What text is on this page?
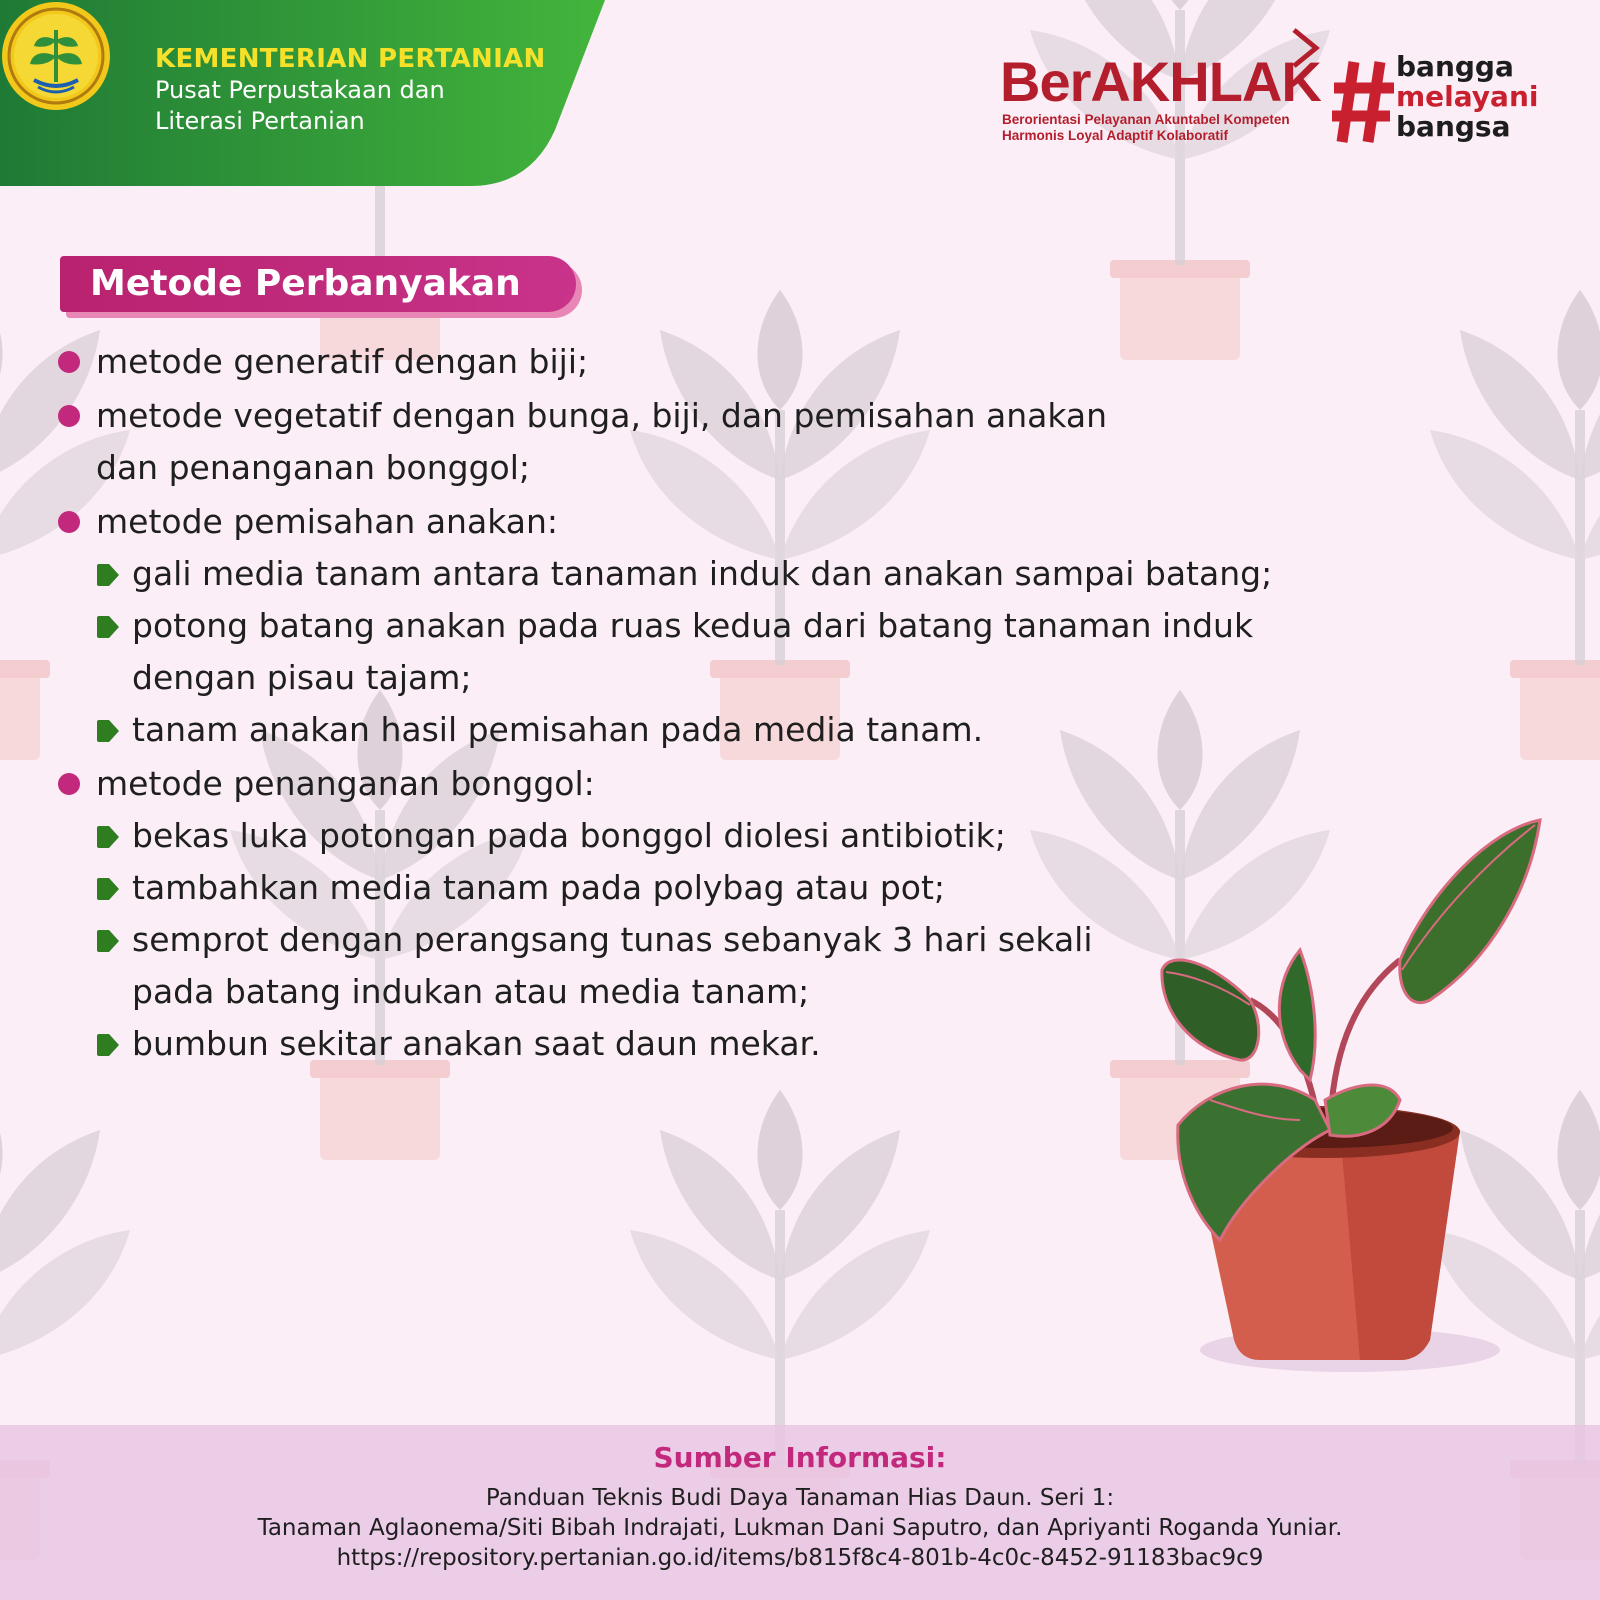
KEMENTERIAN PERTANIAN
Pusat Perpustakaan dan
Literasi Pertanian
BerAKHLAK
Berorientasi Pelayanan Akuntabel Kompeten
Harmonis Loyal Adaptif Kolaboratif
bangga
melayani
bangsa
Metode Perbanyakan
metode generatif dengan biji;
metode vegetatif dengan bunga, biji, dan pemisahan anakan
dan penanganan bonggol;
metode pemisahan anakan:
gali media tanam antara tanaman induk dan anakan sampai batang;
potong batang anakan pada ruas kedua dari batang tanaman induk
dengan pisau tajam;
tanam anakan hasil pemisahan pada media tanam.
metode penanganan bonggol:
bekas luka potongan pada bonggol diolesi antibiotik;
tambahkan media tanam pada polybag atau pot;
semprot dengan perangsang tunas sebanyak 3 hari sekali
pada batang indukan atau media tanam;
bumbun sekitar anakan saat daun mekar.
Sumber Informasi:
Panduan Teknis Budi Daya Tanaman Hias Daun. Seri 1:
Tanaman Aglaonema/Siti Bibah Indrajati, Lukman Dani Saputro, dan Apriyanti Roganda Yuniar.
https://repository.pertanian.go.id/items/b815f8c4-801b-4c0c-8452-91183bac9c9
